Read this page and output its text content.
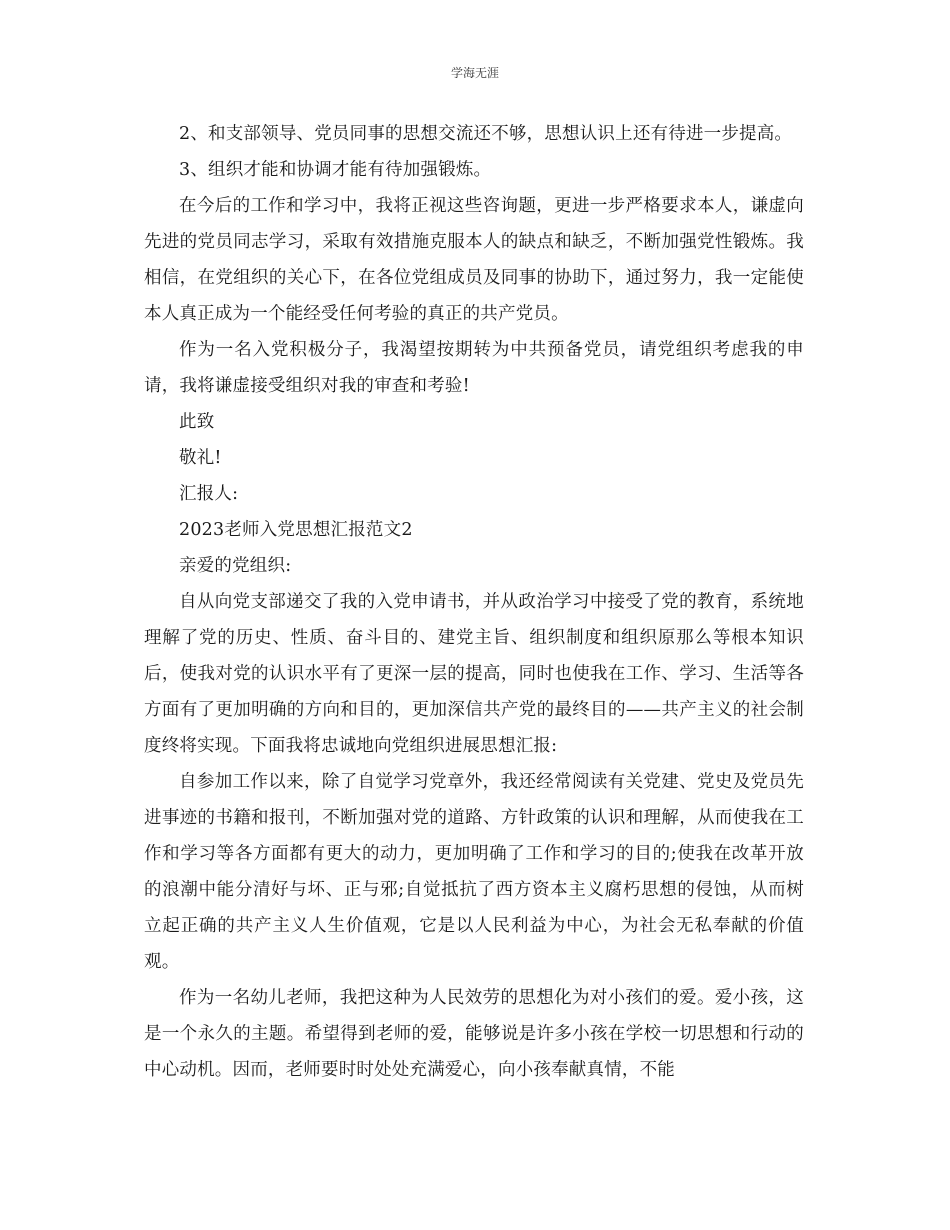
学海无涯

2、和支部领导、党员同事的思想交流还不够，思想认识上还有待进一步提高。

3、组织才能和协调才能有待加强锻炼。

在今后的工作和学习中，我将正视这些咨询题，更进一步严格要求本人，谦虚向先进的党员同志学习，采取有效措施克服本人的缺点和缺乏，不断加强党性锻炼。我相信，在党组织的关心下，在各位党组成员及同事的协助下，通过努力，我一定能使本人真正成为一个能经受任何考验的真正的共产党员。

作为一名入党积极分子，我渴望按期转为中共预备党员，请党组织考虑我的申请，我将谦虚接受组织对我的审查和考验!

此致

敬礼!

汇报人:

2023老师入党思想汇报范文2

亲爱的党组织:

自从向党支部递交了我的入党申请书，并从政治学习中接受了党的教育，系统地理解了党的历史、性质、奋斗目的、建党主旨、组织制度和组织原那么等根本知识后，使我对党的认识水平有了更深一层的提高，同时也使我在工作、学习、生活等各方面有了更加明确的方向和目的，更加深信共产党的最终目的——共产主义的社会制度终将实现。下面我将忠诚地向党组织进展思想汇报:

自参加工作以来，除了自觉学习党章外，我还经常阅读有关党建、党史及党员先进事迹的书籍和报刊，不断加强对党的道路、方针政策的认识和理解，从而使我在工作和学习等各方面都有更大的动力，更加明确了工作和学习的目的;使我在改革开放的浪潮中能分清好与坏、正与邪;自觉抵抗了西方资本主义腐朽思想的侵蚀，从而树立起正确的共产主义人生价值观，它是以人民利益为中心，为社会无私奉献的价值观。

作为一名幼儿老师，我把这种为人民效劳的思想化为对小孩们的爱。爱小孩，这是一个永久的主题。希望得到老师的爱，能够说是许多小孩在学校一切思想和行动的中心动机。因而，老师要时时处处充满爱心，向小孩奉献真情，不能
